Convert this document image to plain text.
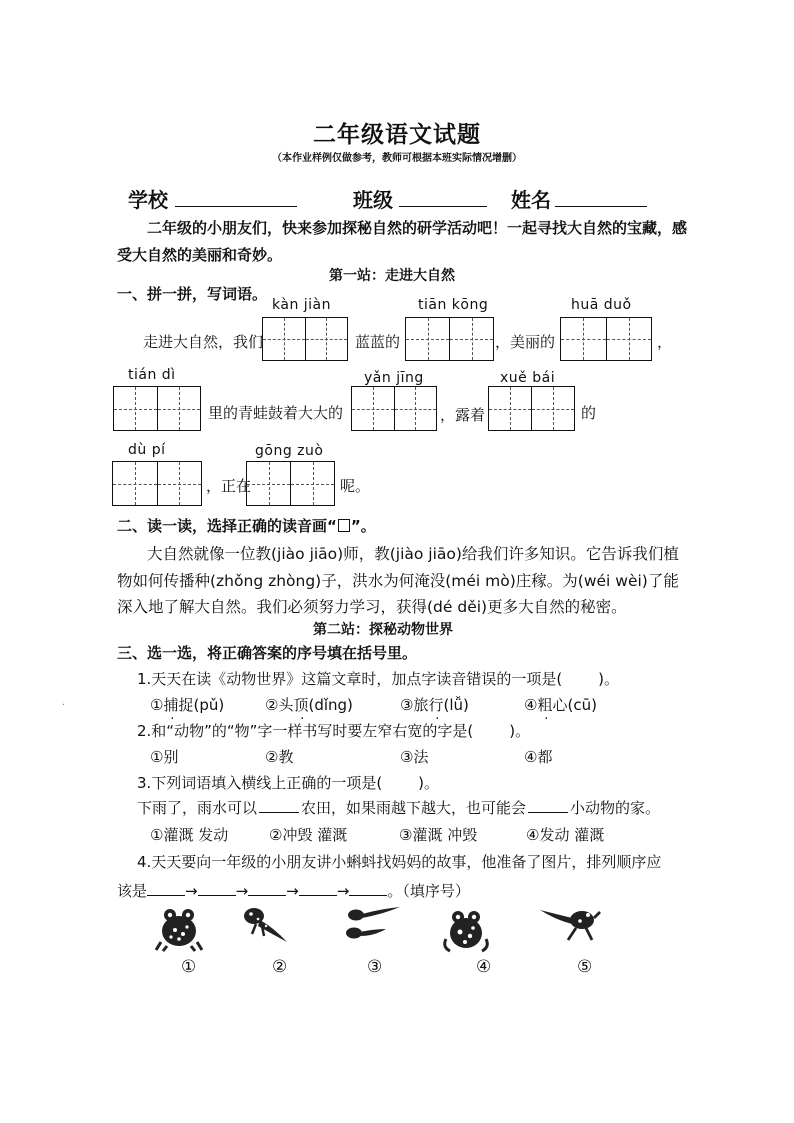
二年级语文试题
（本作业样例仅做参考，教师可根据本班实际情况增删）
学校	班级	姓名
二年级的小朋友们，快来参加探秘自然的研学活动吧！一起寻找大自然的宝藏，感
受大自然的美丽和奇妙。
第一站：走进大自然
一、拼一拼，写词语。
kàn jiàn	tiān kōng	huā duǒ
走进大自然，我们	蓝蓝的	，美丽的	，
tián dì	yǎn jīng	xuě bái
里的青蛙鼓着大大的	，露着	的
dù pí	gōng zuò
，正在	呢。
二、读一读，选择正确的读音画“ ”。
大自然就像一位教(jiào jiāo)师，教(jiào jiāo)给我们许多知识。它告诉我们植
物如何传播种(zhǒng zhòng)子，洪水为何淹没(méi mò)庄稼。为(wéi wèi)了能
深入地了解大自然。我们必须努力学习，获得(dé děi)更多大自然的秘密。
第二站：探秘动物世界
三、选一选，将正确答案的序号填在括号里。
1.天天在读《动物世界》这篇文章时，加点字读音错误的一项是( )。
①捕捉(pǔ)	②头顶(dǐng)	③旅行(lǚ)	④粗心(cū)
2.和“动物”的“物”字一样书写时要左窄右宽的字是( )。
①别	②教	③法	④都
3.下列词语填入横线上正确的一项是( )。
下雨了，雨水可以	农田，如果雨越下越大，也可能会	小动物的家。
①灌溉 发动	②冲毁 灌溉	③灌溉 冲毁	④发动 灌溉
4.天天要向一年级的小朋友讲小蝌蚪找妈妈的故事，他准备了图片，排列顺序应
该是	→	→	→	→	。（填序号）
①	②	③	④	⑤
·
